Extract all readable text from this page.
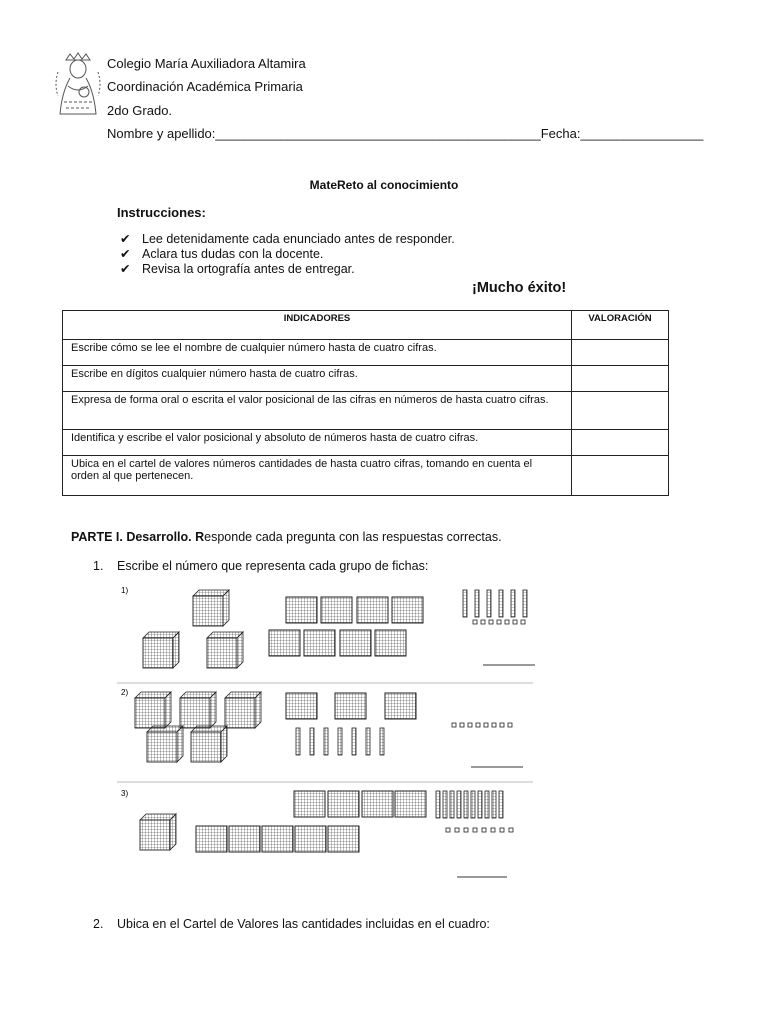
Colegio María Auxiliadora Altamira
Coordinación Académica Primaria
2do Grado.
Nombre y apellido:_____________________________________________Fecha:_________________
MateReto al conocimiento
Instrucciones:
✔ Lee detenidamente cada enunciado antes de responder.
✔ Aclara tus dudas con la docente.
✔ Revisa la ortografía antes de entregar.
¡Mucho éxito!
INDICADORES	VALORACIÓN
Escribe cómo se lee el nombre de cualquier número hasta de cuatro cifras.	
Escribe en dígitos cualquier número hasta de cuatro cifras.	
Expresa de forma oral o escrita el valor posicional de las cifras en números de hasta cuatro cifras.	
Identifica y escribe el valor posicional y absoluto de números hasta de cuatro cifras.	
Ubica en el cartel de valores números cantidades de hasta cuatro cifras, tomando en cuenta el orden al que pertenecen.	
PARTE I. Desarrollo. Responde cada pregunta con las respuestas correctas.
1. Escribe el número que representa cada grupo de fichas:
1)
2)
3)
2. Ubica en el Cartel de Valores las cantidades incluidas en el cuadro:
